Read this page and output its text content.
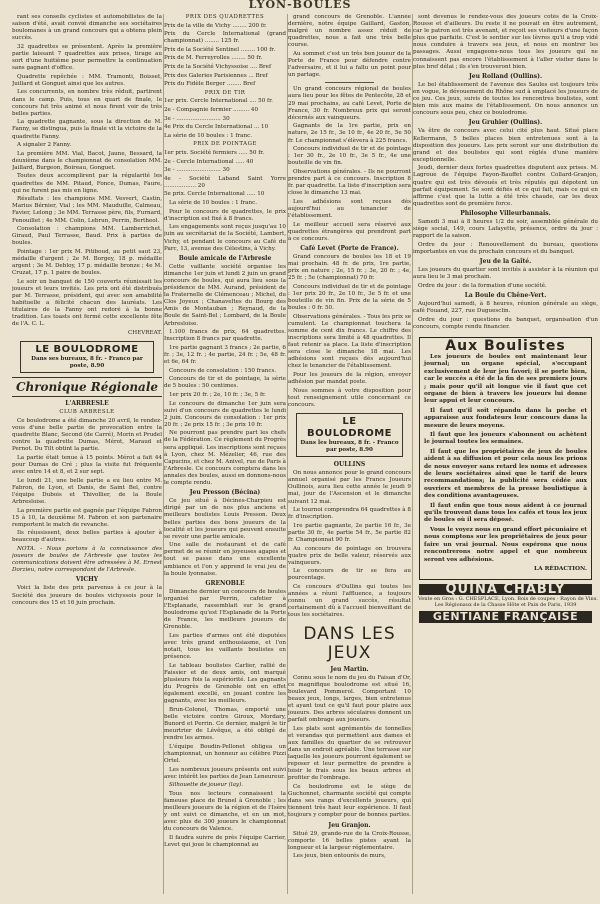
LYON-BOULES

rant ses conseils cyclistes et automobilistes de la saison d'été, avait convié dimanche ses sociétaires boulomanes à un grand concours qui a obtenu plein succès.

32 quadrettes se présentent. Après la première partie laissant 7 quadrettes aux prises, tirage au sort d'une huitième pour permettre la continuation sans gagnant d'office.

Quadrette repêchée : MM. Tramonti, Boisset, Juillard et Gonguet ainsi que les autres.

Les concurrents, en nombre très réduit, partirent dans le camp. Puis, tous en quart de finale, le concours fut très animé et nous firent voir de très belles parties.

La quadrette gagnante, sous la direction de M. Fanny, se distingua, puis la finale vit la victoire de la quadrette Fanny.

A signaler 2 Fanny.

La première MM. Vial, Bacot, Jaune, Bessard, la deuxième dans le championnat de consolation MM. Jaillard, Burgeon, Boireau, Gonguet.

Toutes deux accomplirent par la régularité les quadrettes de MM. Pitaud, Fonce, Dumas, Faure, qui ne furent pas mis en ligne.

Résultats : les champions MM. Vesvert, Castin, Marius Bérnier, Vial ; les MM. Mauduille, Calmeau, Favier, Lelong ; 3e MM. Terrasse père, fils, Furnard, Fenouillet ; 4e MM. Colin, Lebrun, Perrin, Bertheol.

Consolation : champions MM. Lamberrichet, Giraud, Paul Terrasse, Baud. Prix à parties de boules.

Pointage : 1er prix M. Pitiboud, au petit saut 23, médaille d'argent ; 2e M. Borgey, 18 p. médaille argent ; 3e M. Debloy, 17 p. médaille bronze ; 4e M. Cruzat, 17 p. 1 paire de boules.

Le soir un banquet de 150 couverts réunissait les joueurs et leurs invités. Les prix ont été distribués par M. Terrasse, président, qui avec son amabilité habituelle a félicité chacun des lauréats. Les titulaires de la Fanny ont redoré à la bonne tradition. Les toasts ont fermé cette excellente fête de l'A. C. L.

CHEVREAT.

LE BOULODROME
Dans ses bureaux, 8 fr. - Franco par poste, 8.90
Chronique Régionale

L'ARBRESLE

CLUB ARBRESLE

Ce boulodrome a été dimanche 20 avril, le rendez-vous d'une belle partie de provocation entre la quadrette Blanc, Second (de Carré), Morin et Prudel contre la quadrette Dumas, Mérot, Maraud et Pernot. Du Tilt obtint la partie.

La partie était tenue à 15 points. Mérot a fait 44 pour Dumas de Cré ; plus la visite fut fréquente avec entre 14 et 8, et 2 sur sept.

Le lundi 21, une belle partie a eu lieu entre M. Fabron, de Lyon, et Danis, de Saint Bel, contre l'équipe Dubois et Thivollier, de la Boule Arbresloise.

La première partie est gagnée par l'équipe Fabron 15 à 10, la deuxième M. Fabron et son partenaire remportent le match de revanche.

Ils réussissent, deux belles parties à ajouter à beaucoup d'autres.

NOTA. - Nous portons à la connaissance des joueurs de boules de l'Arbresle que toutes les communications doivent être adressées à M. Ernest Dorzieu, notre correspondant de l'Arbresle.

VICHY

Voici la liste des prix parvenus à ce jour à la Société des joueurs de boules vichyssois pour le concours des 15 et 16 juin prochain.

PRIX DES QUADRETTES

Prix de la ville de Vichy ........ 200 fr.

Prix du Cercle International (grand championnat) ........ 125 fr.

Prix de la Société Sentinel ........ 100 fr.

Prix de M. Ferreyrolles ........ 50 fr.

Prix de la Société Vichyssoise .... Bref

Prix des Galeries Parisiennes ... Bref

Prix du Fidèle Berger ........ Bref

PRIX DE TIR

1er prix. Cercle International .... 50 fr.

2e - Compagnie fermier ......... 40

3e - ......................... 30

4e Prix du Cercle International ... 10

La série de 10 boules : 1 franc.

PRIX DE POINTAGE

1er prix. Société fermiers ..... 50 fr.

2e - Cercle International ..... 40

3e - ......................... 30

4e - Société Laband Saint Yorre .................. 20

5e prix. Cercle International ..... 10

La série de 10 boules : 1 franc.

Pour le concours de quadrettes, le prix d'inscription est fixé à 8 francs.

Les engagements sont reçus jusqu'au 10 juin au secrétariat de la Société, Lambert, Vichy, et pendant le concours au Café du Parc, 13, avenue des Célestins, à Vichy.

Boule amicale de l'Arbresle

Cette vaillante société organise les dimanche 1er juin et lundi 2 juin un grand concours de boules, qui aura lieu sous la présidence de MM. Aurand, président de la Fraternelle de Clémenceau ; Michel, du Clos Joyeux ; Chanaveltes du Bourg des Amis de Montauban ; Reynaud, de la Boule de Saint-Bel ; Lombard, de la Boule Arbresloise.

1.100 francs de prix, 64 quadrettes. Inscription 8 francs par quadrette.

1re partie gagnant 3 francs ; 2e partie, 6 fr. ; 3e, 12 fr. ; 4e partie, 24 fr. ; 5e, 48 fr. et 6e, 64 fr.

Concours de consolation : 150 francs.

Concours de tir et de pointage, la série de 5 boules : 50 centimes.

1er prix 20 fr. ; 2e, 10 fr. ; 3e, 5 fr.

Le concours de dimanche 1er juin sera suivi d'un concours de quadrettes le lundi 2 juin. Concours de consolation : 1er prix 20 fr. ; 2e prix 15 fr. ; 3e prix 10 fr.

Ne pourront pas prendre part les chefs de la Fédération. Ce règlement du Progrès sera appliqué. Les inscriptions sont reçues à Lyon, chez M. Mézelier, 46, rue des Capucins, et chez M. Anivel, rue de Paris à l'Arbresle. Ce concours comptera dans les annales des boules, aussi en donnons-nous le compte rendu.

Jeu Presson (Bécina)

Ce jeu situé à Décines-Charpieu est dirigé par un de nos plus anciens et meilleurs boulistes Louis Presson. Deux belles parties des bons joueurs de la localité et les joueurs qui peuvent ensuite se revoir une partie amicale.

Une salle de restaurant et de café permet de se réunir en joyeuses agapes et tout se passe dans une excellente ambiance et l'on y apprend le vrai jeu de la boule lyonnaise.

GRENOBLE

Dimanche dernier un concours de boules organisé par Perrin, cafetier à l'Esplanade, rassemblait sur le grand boulodrome qu'est l'Esplanade de la Porte de France, les meilleurs joueurs de Grenoble.

Les parties d'armes ont été disputées avec très grand enthousiasme, et l'on notait, tous les vaillants boulistes en présence.

Le tableau boulistes Carlier, rallié de Faissier et de deux amis, ont marqué plusieurs fois la supériorité. Les gagnants du Progrès de Grenoble ont en effet également excellé, en jouant contre les gagnants, avec les meilleurs.

Brun-Colonel, Thomas, emporté une belle victoire contre Giroux, Mordary, Bunord et Perrin. Ce dernier, malgré le tir meurtrier de Lévêque, a été obligé de rendre les armes.

L'équipe Boudin-Pellonet obligea un championnat, un honneur au célèbre Pizzi Ortel.

Les nombreux joueurs présents ont suivi avec intérêt les parties de Jean Leneureur.

Silhouette de joueur (lay).

Tous nos lecteurs connaissent la fameuse place de Brunel à Grenoble ; les meilleurs joueurs de la région et de l'Isère y ont suivi ce dimanche, et en un mot, avec plus de 300 joueurs le championnat du concours de Valence.

Il faudra suivre de près l'équipe Carrier, Levet qui joue le championnat au

grand concours de Grenoble. L'année dernière, notre équipe Gaillard, Gaston, malgré un nombre assez réduit de quadrettes, nous a fait une très belle course.

Au sommet c'est un très bon joueur de la Porte de France pour défendre contre l'adversaire, et il lui a fallu un point pour un partage.

Un grand concours régional de boules aura lieu pour les fêtes de Pentecôte, 28 et 29 mai prochains, au café Levet, Porte de France, 30 fr. Nombreux prix qui seront décernés aux vainqueurs.

Gagnants de la 1re partie, prix en nature, 2e 15 fr., 3e 10 fr., 4e 20 fr., 5e 50 fr. Le championnat s'élèvera à 225 francs.

Concours individuel de tir et de pointage : 1er 30 fr., 2e 10 fr., 3e 5 fr., 4e une bouteille de vin fin.

Observations générales. - Ils ne pourront prendre part à ce concours. Inscription 8 fr. par quadrette. La liste d'inscription sera close le dimanche 13 mai.

Les adhésions sont reçues dès aujourd'hui au tenancier de l'établissement.

Le meilleur accueil sera réservé aux quadrettes étrangères qui prendront part à ce concours.

Café Levet (Porte de France).

Grand concours de boules les 18 et 19 mai prochain. 48 fr. de prix, 1re partie, prix en nature ; 2e, 15 fr. ; 3e, 20 fr. ; 4e, 25 fr. ; 5e (championnat) 70 fr.

Concours individuel de tir et de pointage : 1er prix 20 fr., 2e 10 fr., 3e 5 fr. et une bouteille de vin fin. Prix de la série de 5 boules : 0 fr. 50.

Observations générales. - Tous les prix se cumulent. Le championnat touchera la somme de cent dix francs. Le chiffre des inscriptions sera limité à 48 quadrettes. Il faut retenir sa place. La liste d'inscription sera close le dimanche 18 mai. Les adhésions sont reçues dès aujourd'hui chez le tenancier de l'établissement.

Pour les joueurs de la région, envoyer adhésion par mandat poste.

Nous sommes à votre disposition pour tout renseignement utile concernant ce concours.

LE BOULODROME
Dans les bureaux, 8 fr. - Franco par poste, 8.90

OULLINS

On nous annonce pour le grand concours annuel organisé par les Francs Joueurs Oullinois, aura lieu cette année le jeudi 9 mai, jour de l'Ascension et le dimanche suivant 12 mai.

Le tournoi comprendra 64 quadrettes à 8 fr. d'inscription.

1re partie gagnante, 2e partie 16 fr., 3e partie 30 fr., 4e partie 54 fr., 5e partie 82 fr. Championnat 90 fr.

Au concours de pointage on trouvera quatre prix de belle valeur, réservés aux vainqueurs.

Le concours de tir se fera au pourcentage.

Ce concours d'Oullins qui toutes les années a réuni l'affluence, a toujours connu un grand succès, résultat certainement dû à l'accueil bienveillant de tous les sociétaires.

DANS LES JEUX

Jeu Martin.

Connu sous le nom du jeu du Faisan d'Or, ce magnifique boulodrome est situé 16, boulevard Pommerol. Comportant 10 beaux jeux, longs, larges, bien entretenus et ayant tout ce qu'il faut pour plaire aux joueurs. Des arbres séculaires donnent un parfait ombrage aux joueurs.

Les plats sont agrémentés de tonnelles et verandas qui permettent aux dames et aux familles du quartier de se retrouver dans un endroit agréable. Une terrasse sur laquelle les joueurs pourront également se reposer et leur permettre de prendre à loisir le frais sous les beaux arbres et profiter de l'ombrage.

Ce boulodrome est le siège de Guchonnet, charmante société qui compte dans ses rangs d'excellents joueurs, qui tiennent très haut leur expérience. Il faut toujours y compter pour de bonnes parties.

Jeu Granjon.

Situé 29, grande-rue de la Croix-Rousse, comporte 16 belles pistes ayant la longueur et la largeur réglementaire.

Les jeux, bien entourés de murs,

sont devenus le rendez-vous des joueurs cotés de la Croix-Rousse et d'ailleurs. Du reste il ne pouvait en être autrement, car le patron est très avenant, et reçoit ses visiteurs d'une façon plus que parfaite. C'est le sentier sur les lèvres qu'il a trop vidé nous conduire à travers ses jeux, et nous en montrer les passages. Aussi engageons-nous tous les joueurs qui ne connaissent pas encore l'établissement à l'aller visiter dans le plus bref délai ; ils s'en trouveront bien.

Jeu Rolland (Oullins).

Le bel établissement de l'avenue des Saules est toujours très en vogue, le dévouement du Rhône sud à emplacé les joueurs de ce jeu. Ces jeux, suivis de toutes les rencontres boulistes, sont bien mis aux mains de l'établissement. On nous annonce un concours sous peu, chez ce boulodrome.

Jeu Gruhier (Oullins).

Va être de concours avec celui cité plus haut. Situé place Kellermann, 5 belles places bien entretenues sont à la disposition des joueurs. Les prix seront sur une distribution du grand et des boulistes qui sont réglés d'une manière exceptionnelle.

Jeudi, dernier deux fortes quadrettes disputent aux prises. M. Lagroue de l'équipe Fayon-Bauffet contre Collard-Granjon, quatre qui est très dévoués et très réputés qui dépotent un parfait équipement. Se sont défiés et ce qui fait, mais ce qui en affirme c'est que la lutte a été très chaude, car les deux quadrettes sont de première force.

Philosophe Villeurbannais.

Samedi 3 mai à 8 heures 1/2 du soir, assemblée générale du siège social, 149, cours Lafayette, présence, ordre du jour : rapport de la saison.

Ordre du jour : Renouvellement du bureau, questions importantes en vue du prochain concours et du banquet.

Jeu de la Gaîté.

Les joueurs du quartier sont invités à assister à la réunion qui aura lieu le 3 mai prochain.

Ordre du jour : de la formation d'une société.

La Boule du Chêne-Vert.

Aujourd'hui samedi, à 8 heures, réunion générale au siège, café Fouand, 227, rue Duguesclin.

Ordre du jour : questions du banquet, organisation d'un concours, compte rendu financier.

Aux Boulistes

Les joueurs de boules ont maintenant leur journal; un organe spécial, s'occupant exclusivement de leur jeu favori; il se porte bien, car le succès a été de la fin de ses premiers jours ; mais pour qu'il ait longue vie il faut que cet organe de bien à travers les joueurs lui donne leur appui et leur concours.

Il faut qu'il soit répandu dans la poche et apparaisse aux fondateurs leur concours dans la mesure de leurs moyens.

Il faut que les joueurs s'abonnent ou achètent le journal toutes les semaines.

Il faut que les propriétaires de jeux de boules aident à sa diffusion et pour cela nous les prions de nous envoyer sans retard les noms et adresses de leurs sociétaires ainsi que le tarif de leurs recommandations; la publicité sera cédée aux ouvriers et membres de la presse boulistique à des conditions avantageuses.

Il faut enfin que tous nous aident à ce journal qu'ils trouvent dans tous les cafés et tous les jeux de boules où il sera déposé.

Vous le voyez nous en grand effort pécuniaire et nous comptons sur les propriétaires de jeux pour faire un vrai journal. Nous espérons que nous rencontrerons notre appel et que nombreux seront vos adhésions.

LA RÉDACTION.

QUINA CHABLY

Vente en Gros : G. CHESPLACE, Lyon. Bois de coupes - Rayon de Vins. Les Régionaux de la Chasse Hôte et Pain de Paris, 1939

GENTIANE FRANÇAISE
